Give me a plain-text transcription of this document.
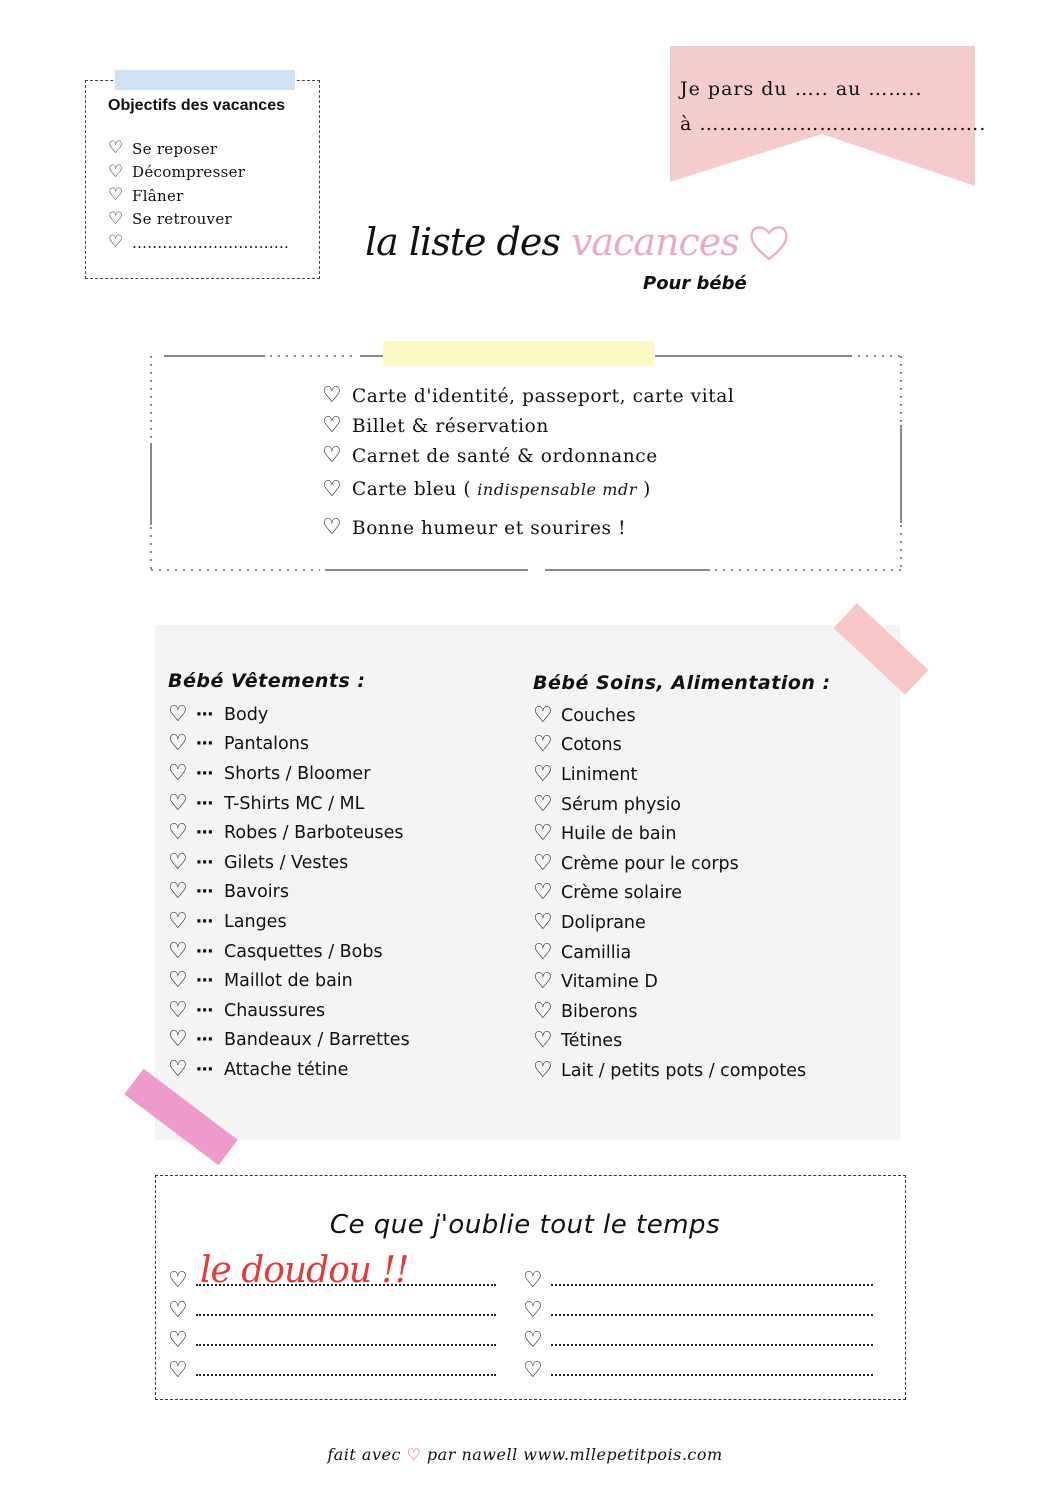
Objectifs des vacances
♡ Se reposer
♡ Décompresser
♡ Flâner
♡ Se retrouver
♡ ...............................
Je pars du ….. au ……..
à …………………………………….
la liste des vacances
Pour bébé
♡ Carte d'identité, passeport, carte vital
♡ Billet & réservation
♡ Carnet de santé & ordonnance
♡ Carte bleu ( indispensable mdr )
♡ Bonne humeur et sourires !
Bébé Vêtements :	Bébé Soins, Alimentation :
♡ ⋯ Body
♡ ⋯ Pantalons
♡ ⋯ Shorts / Bloomer
♡ ⋯ T-Shirts MC / ML
♡ ⋯ Robes / Barboteuses
♡ ⋯ Gilets / Vestes
♡ ⋯ Bavoirs
♡ ⋯ Langes
♡ ⋯ Casquettes / Bobs
♡ ⋯ Maillot de bain
♡ ⋯ Chaussures
♡ ⋯ Bandeaux / Barrettes
♡ ⋯ Attache tétine
♡ Couches
♡ Cotons
♡ Liniment
♡ Sérum physio
♡ Huile de bain
♡ Crème pour le corps
♡ Crème solaire
♡ Doliprane
♡ Camillia
♡ Vitamine D
♡ Biberons
♡ Tétines
♡ Lait / petits pots / compotes
Ce que j'oublie tout le temps
♡
♡
♡
♡
♡
♡
♡
♡
le doudou !!
fait avec ♡ par nawell www.mllepetitpois.com
